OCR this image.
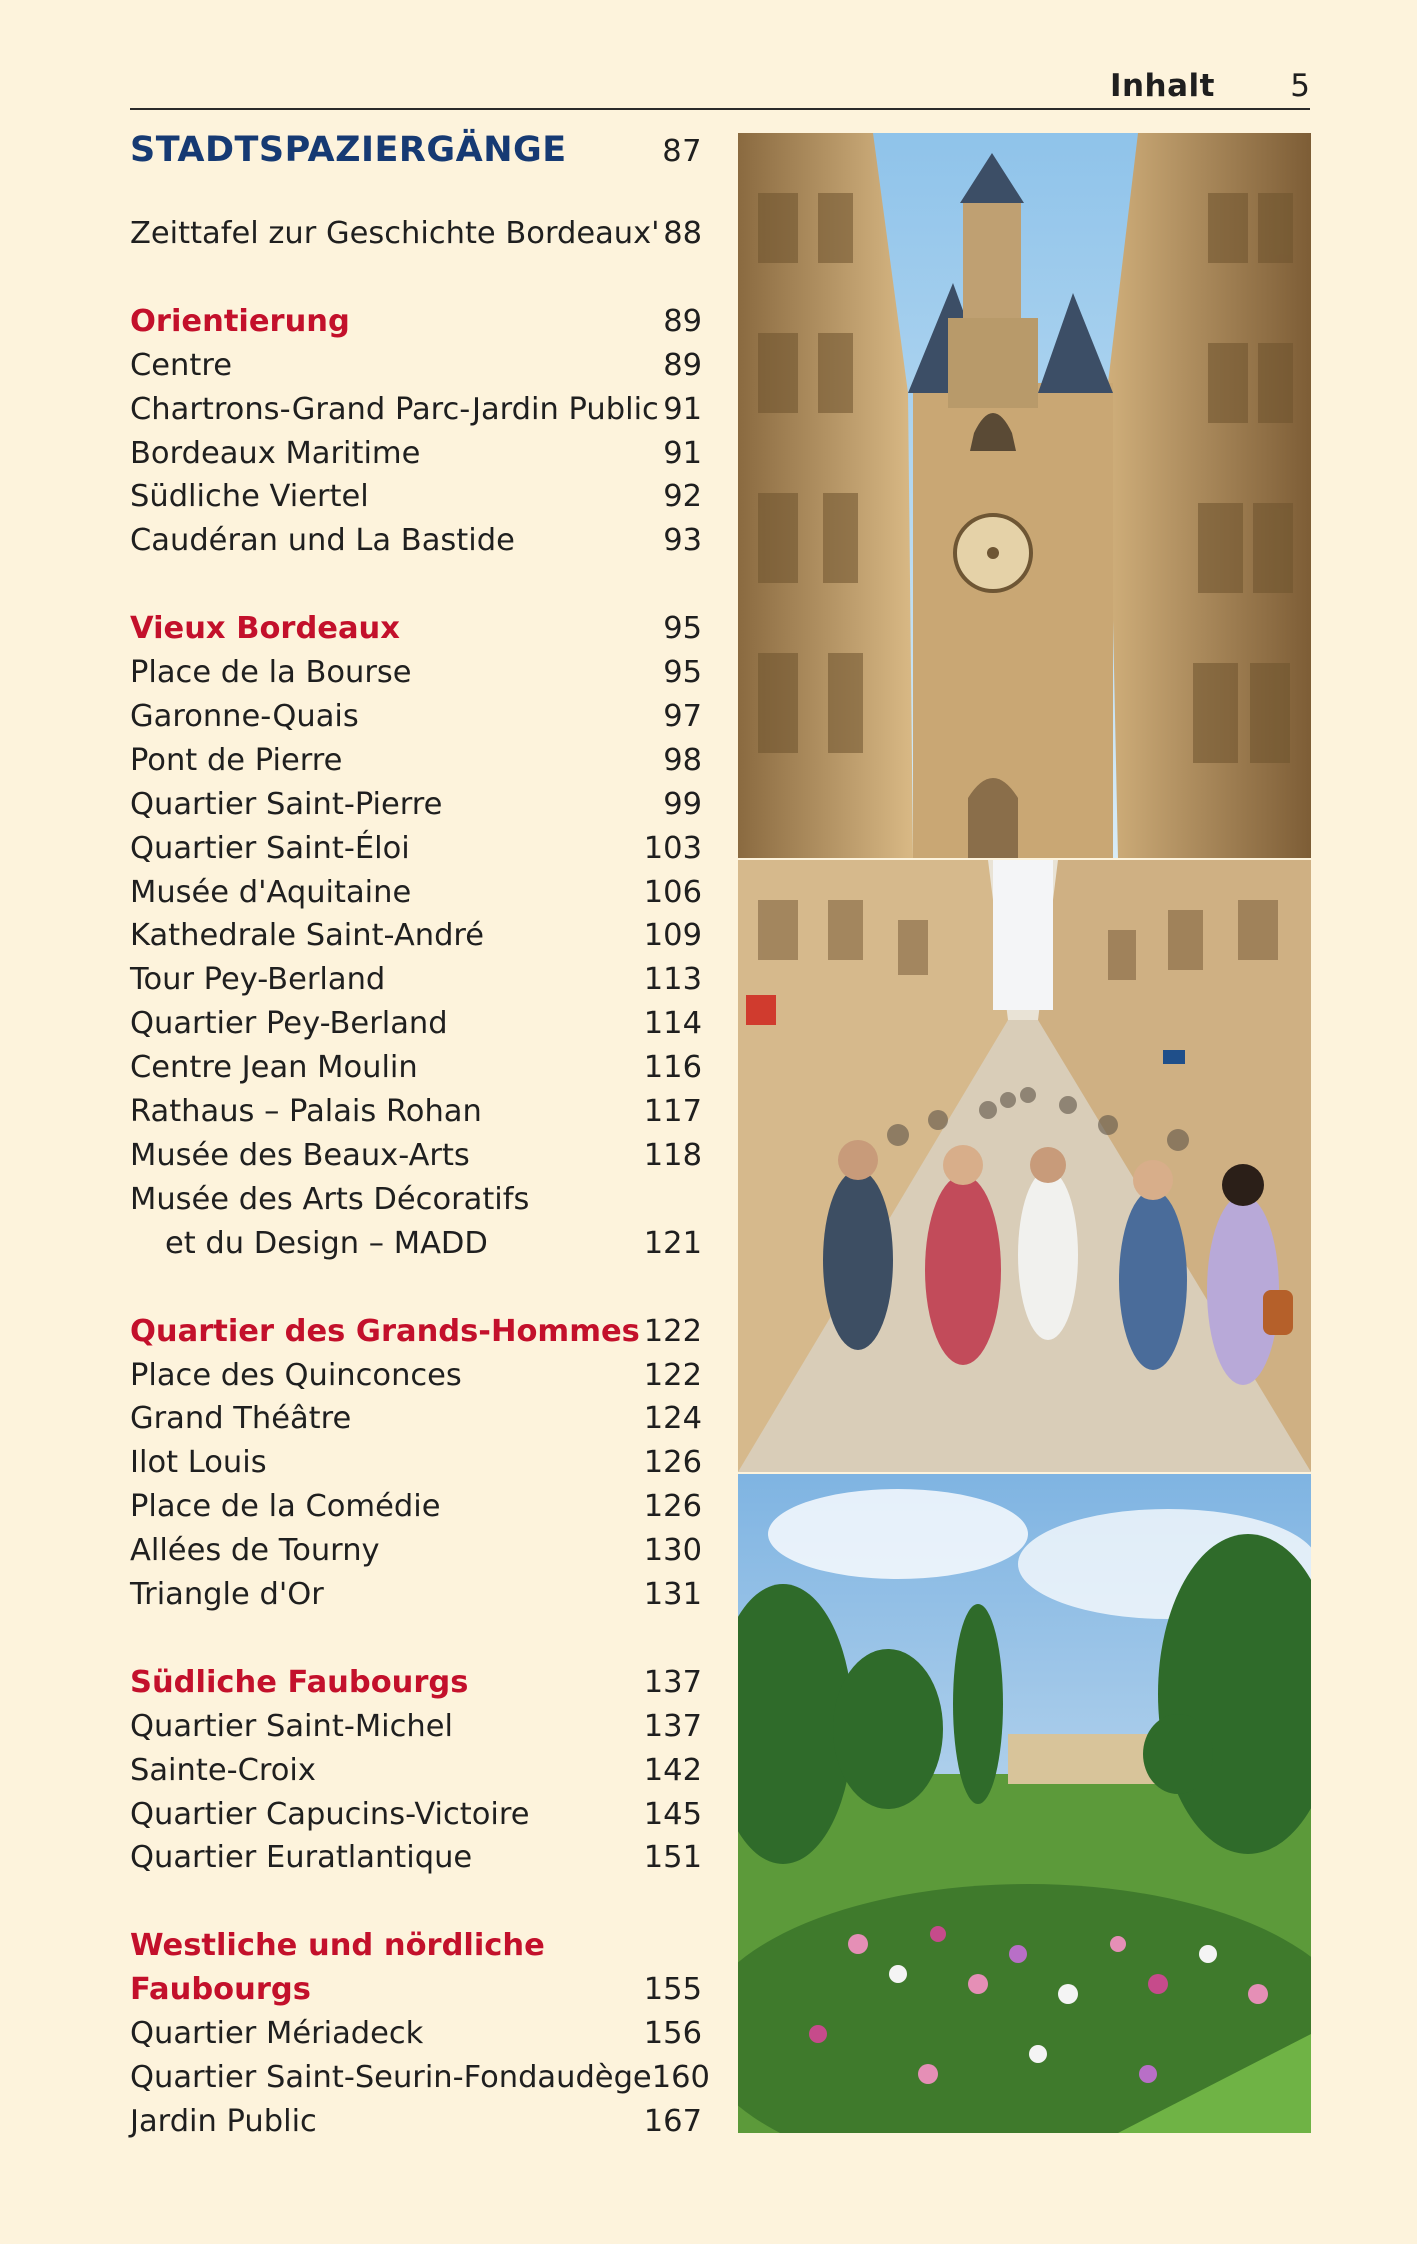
Inhalt 5
STADTSPAZIERGÄNGE	87
Zeittafel zur Geschichte Bordeaux' 88
Orientierung	89
Centre	89
Chartrons-Grand Parc-Jardin Public 91
Bordeaux Maritime	91
Südliche Viertel	92
Caudéran und La Bastide	93
Vieux Bordeaux	95
Place de la Bourse	95
Garonne-Quais	97
Pont de Pierre	98
Quartier Saint-Pierre	99
Quartier Saint-Éloi	103
Musée d'Aquitaine	106
Kathedrale Saint-André	109
Tour Pey-Berland	113
Quartier Pey-Berland	114
Centre Jean Moulin	116
Rathaus – Palais Rohan	117
Musée des Beaux-Arts	118
Musée des Arts Décoratifs
et du Design – MADD	121
Quartier des Grands-Hommes 122
Place des Quinconces	122
Grand Théâtre	124
Ilot Louis	126
Place de la Comédie	126
Allées de Tourny	130
Triangle d'Or	131
Südliche Faubourgs	137
Quartier Saint-Michel	137
Sainte-Croix	142
Quartier Capucins-Victoire	145
Quartier Euratlantique	151
Westliche und nördliche
Faubourgs	155
Quartier Mériadeck	156
Quartier Saint-Seurin-Fondaudège 160
Jardin Public	167
